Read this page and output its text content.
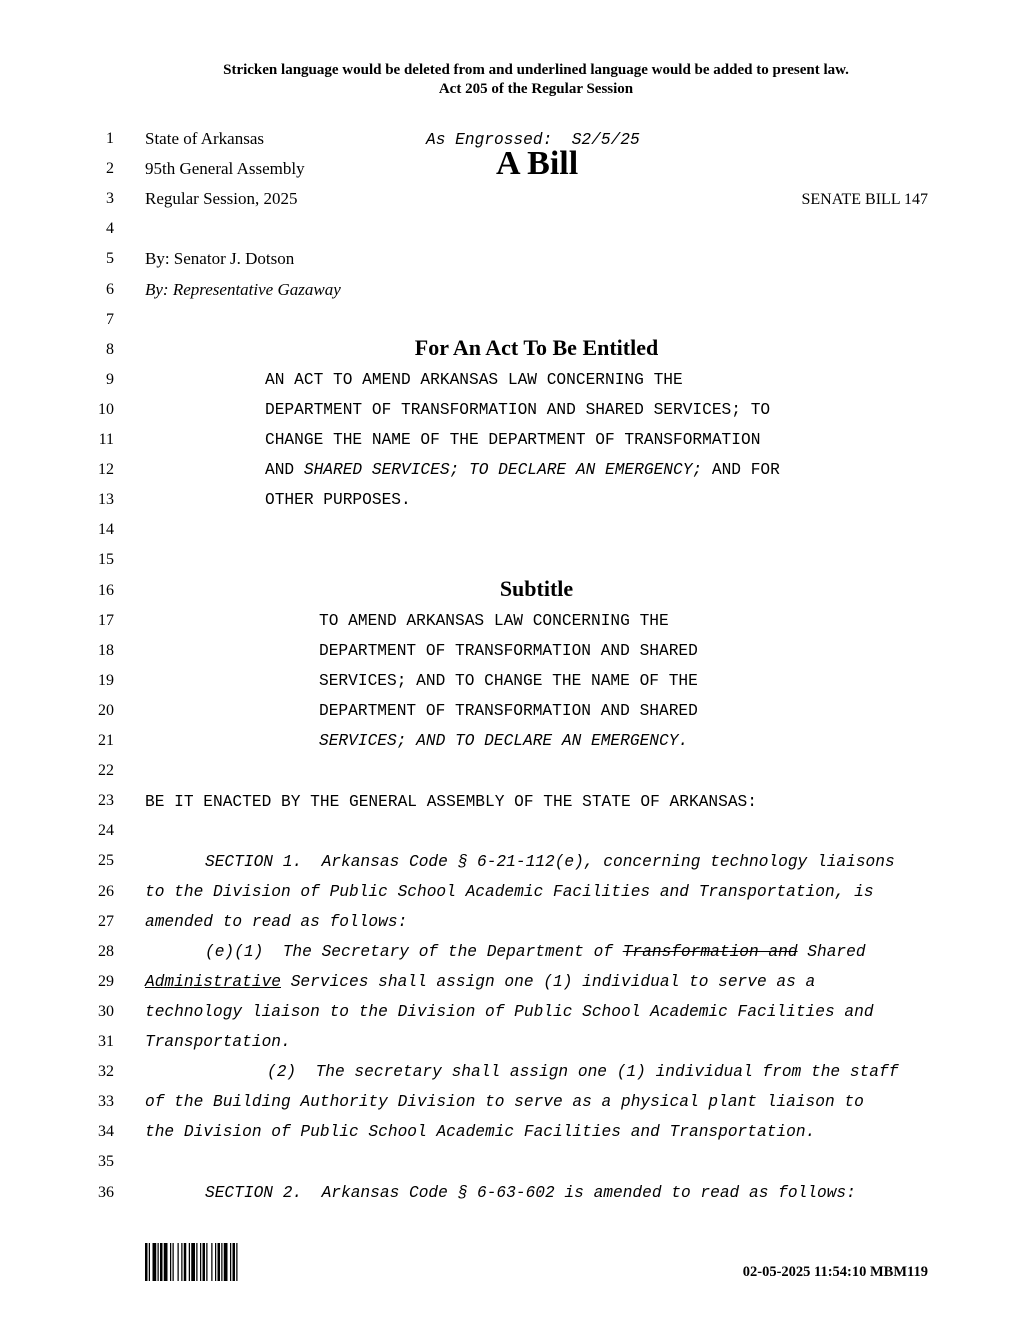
Stricken language would be deleted from and underlined language would be added to present law.
Act 205 of the Regular Session
1
2
3
4
5
6
7
8
9
10
11
12
13
14
15
16
17
18
19
20
21
22
23
24
25
26
27
28
29
30
31
32
33
34
35
36
State of Arkansas	As Engrossed:  S2/5/25
95th General Assembly	A Bill
Regular Session, 2025	SENATE BILL 147
By: Senator J. Dotson
By: Representative Gazaway
For An Act To Be Entitled
AN ACT TO AMEND ARKANSAS LAW CONCERNING THE
DEPARTMENT OF TRANSFORMATION AND SHARED SERVICES; TO
CHANGE THE NAME OF THE DEPARTMENT OF TRANSFORMATION
AND SHARED SERVICES; TO DECLARE AN EMERGENCY; AND FOR
OTHER PURPOSES.
Subtitle
TO AMEND ARKANSAS LAW CONCERNING THE
DEPARTMENT OF TRANSFORMATION AND SHARED
SERVICES; AND TO CHANGE THE NAME OF THE
DEPARTMENT OF TRANSFORMATION AND SHARED
SERVICES; AND TO DECLARE AN EMERGENCY.
BE IT ENACTED BY THE GENERAL ASSEMBLY OF THE STATE OF ARKANSAS:
SECTION 1.  Arkansas Code § 6-21-112(e), concerning technology liaisons
to the Division of Public School Academic Facilities and Transportation, is
amended to read as follows:
(e)(1)  The Secretary of the Department of Transformation and Shared
Administrative Services shall assign one (1) individual to serve as a
technology liaison to the Division of Public School Academic Facilities and
Transportation.
(2)  The secretary shall assign one (1) individual from the staff
of the Building Authority Division to serve as a physical plant liaison to
the Division of Public School Academic Facilities and Transportation.
SECTION 2.  Arkansas Code § 6-63-602 is amended to read as follows:
02-05-2025 11:54:10 MBM119
